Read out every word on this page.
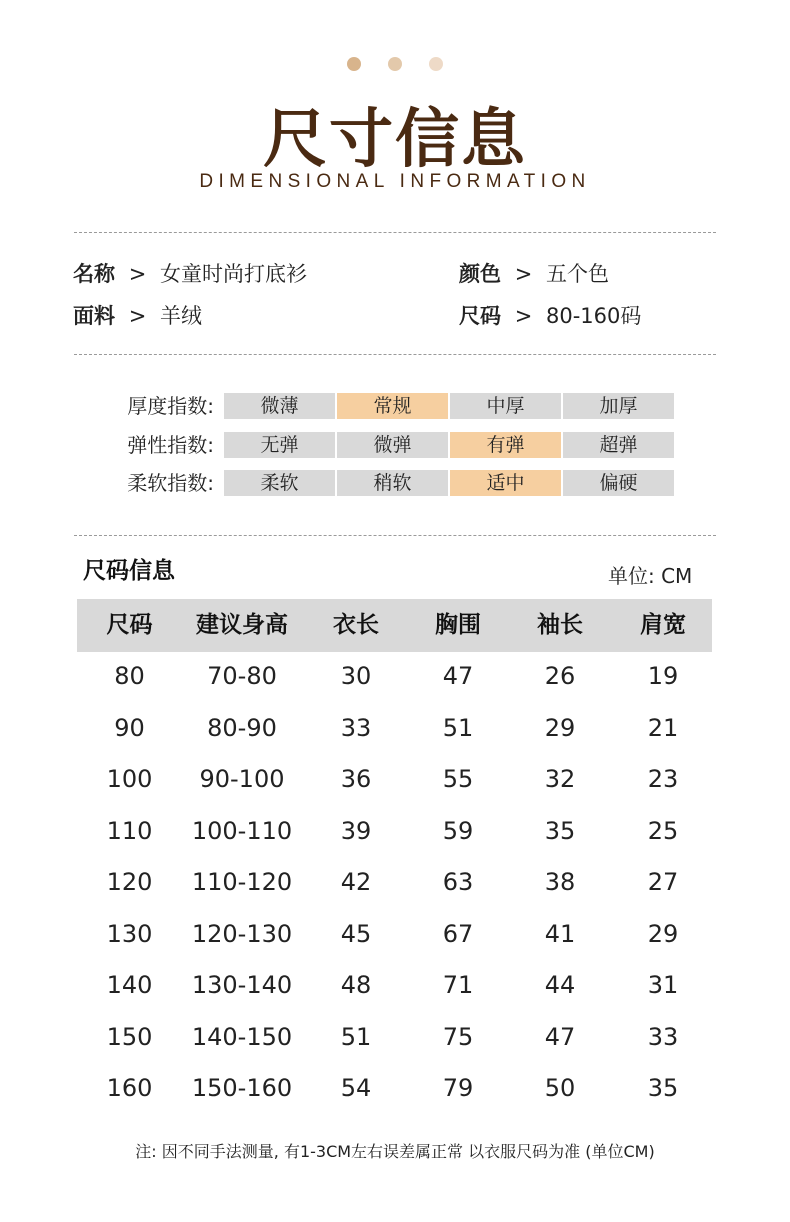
尺寸信息
DIMENSIONAL INFORMATION
名称 > 女童时尚打底衫	颜色 > 五个色
面料 > 羊绒	尺码 > 80-160码
厚度指数:	微薄	常规	中厚	加厚
弹性指数:	无弹	微弹	有弹	超弹
柔软指数:	柔软	稍软	适中	偏硬
尺码信息	单位: CM
尺码	建议身高	衣长	胸围	袖长	肩宽
80	70-80	30	47	26	19
90	80-90	33	51	29	21
100	90-100	36	55	32	23
110	100-110	39	59	35	25
120	110-120	42	63	38	27
130	120-130	45	67	41	29
140	130-140	48	71	44	31
150	140-150	51	75	47	33
160	150-160	54	79	50	35
注: 因不同手法测量, 有1-3CM左右误差属正常 以衣服尺码为准 (单位CM)
